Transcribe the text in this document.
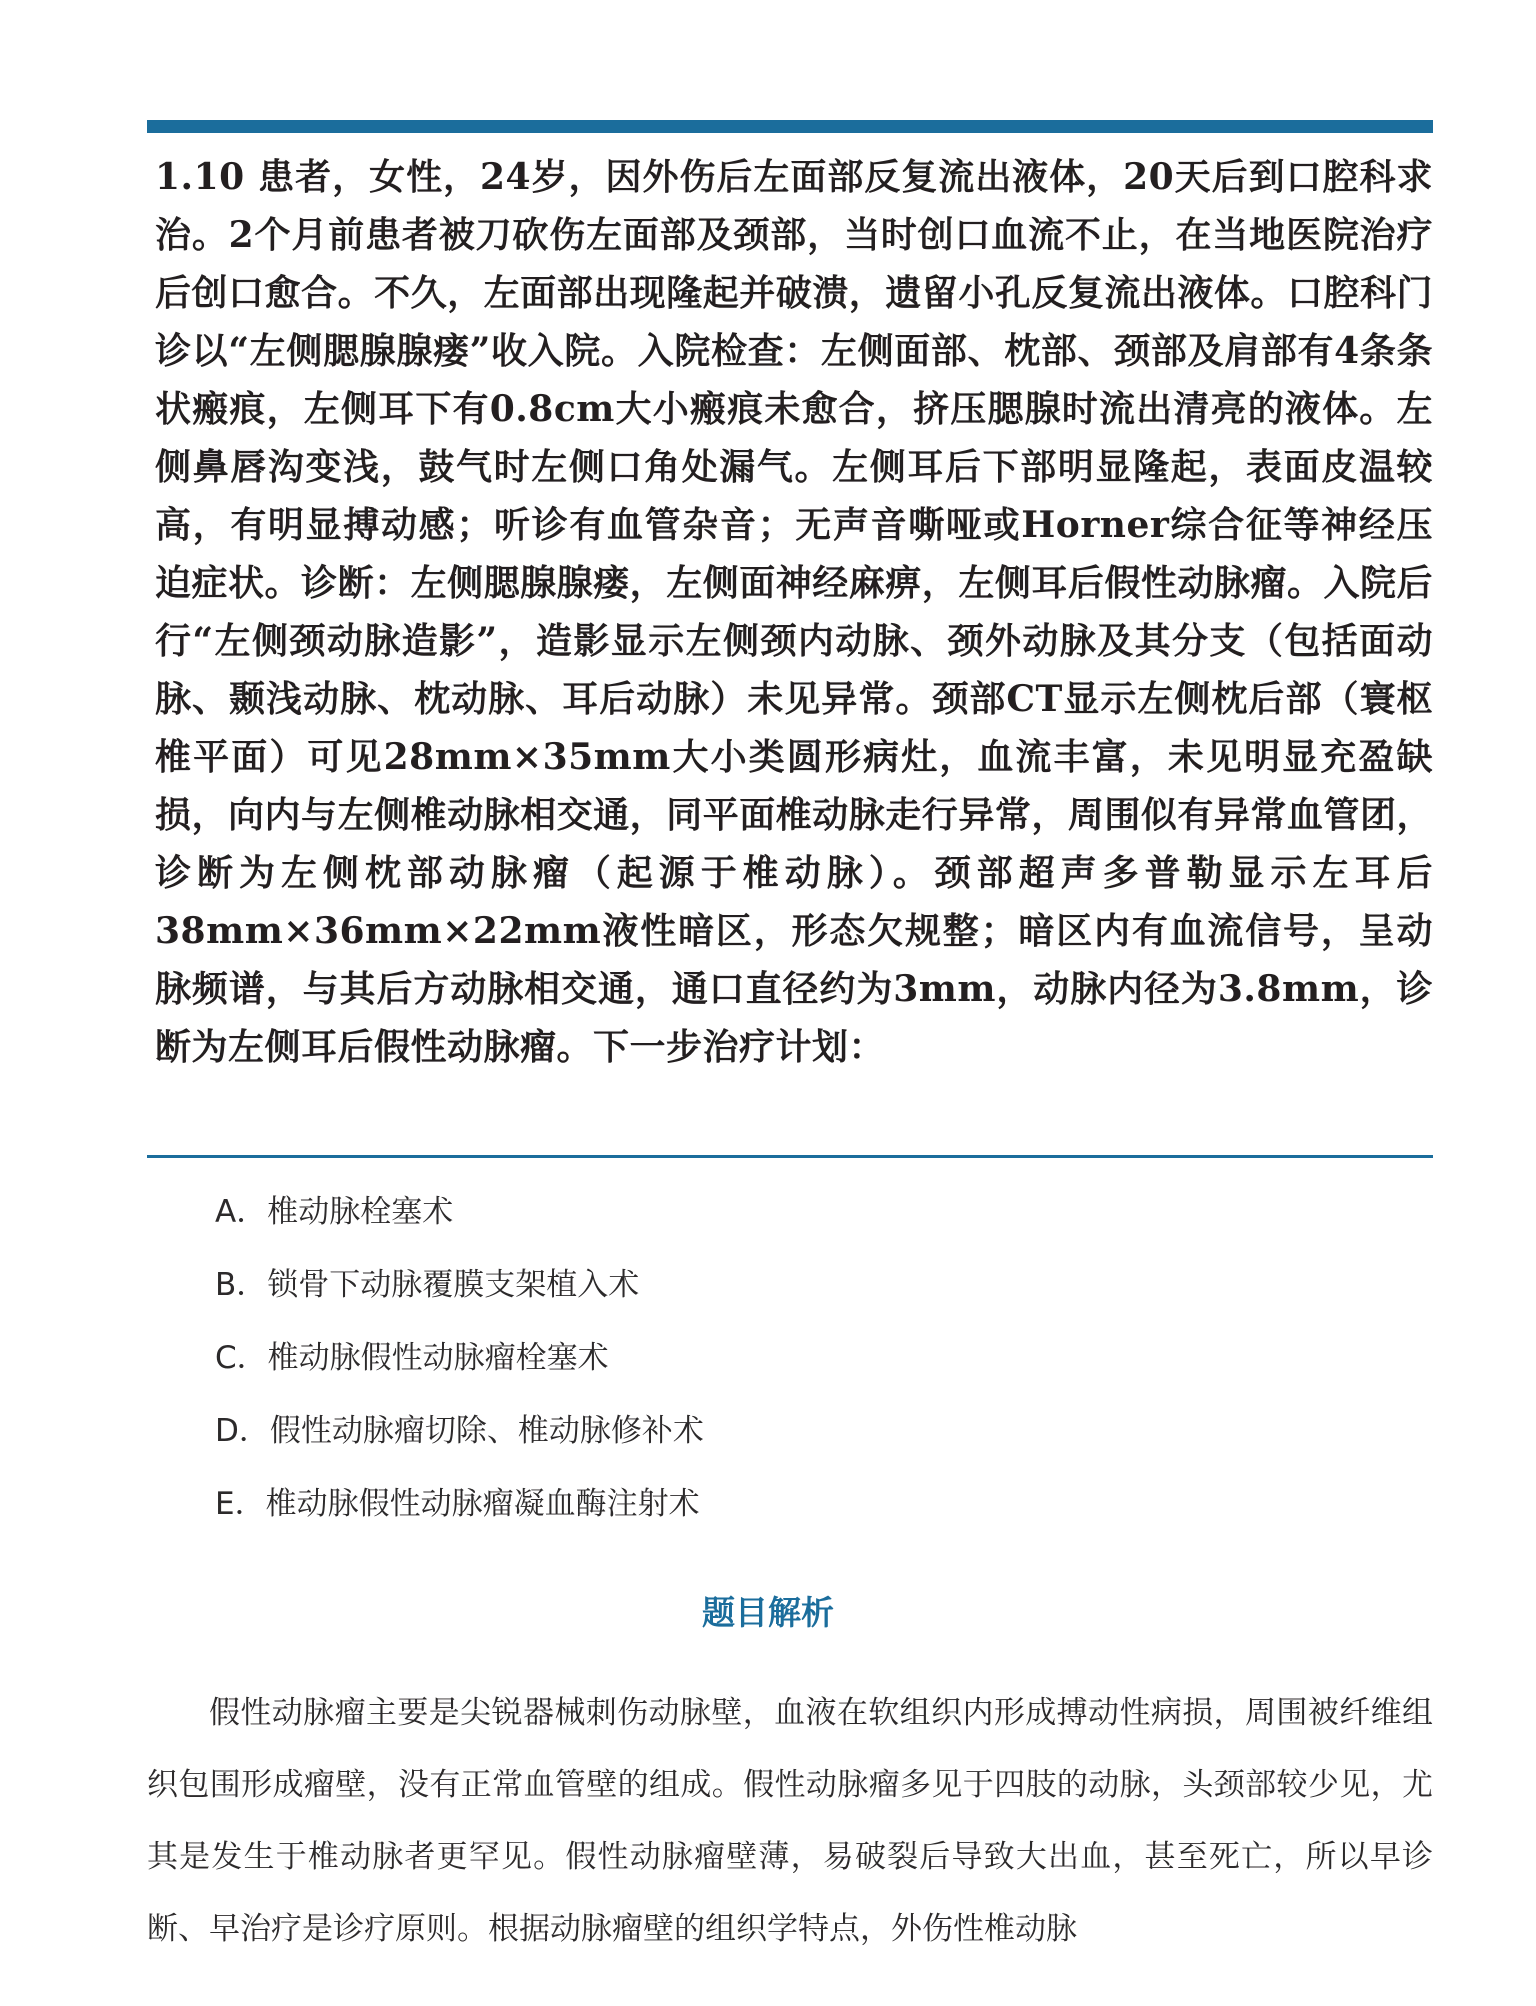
1.10 患者，女性，24岁，因外伤后左面部反复流出液体，20天后到口腔科求治。2个月前患者被刀砍伤左面部及颈部，当时创口血流不止，在当地医院治疗后创口愈合。不久，左面部出现隆起并破溃，遗留小孔反复流出液体。口腔科门诊以“左侧腮腺腺瘘”收入院。入院检查：左侧面部、枕部、颈部及肩部有4条条状瘢痕，左侧耳下有0.8cm大小瘢痕未愈合，挤压腮腺时流出清亮的液体。左侧鼻唇沟变浅，鼓气时左侧口角处漏气。左侧耳后下部明显隆起，表面皮温较高，有明显搏动感；听诊有血管杂音；无声音嘶哑或Horner综合征等神经压迫症状。诊断：左侧腮腺腺瘘，左侧面神经麻痹，左侧耳后假性动脉瘤。入院后行“左侧颈动脉造影”，造影显示左侧颈内动脉、颈外动脉及其分支（包括面动脉、颞浅动脉、枕动脉、耳后动脉）未见异常。颈部CT显示左侧枕后部（寰枢椎平面）可见28mm×35mm大小类圆形病灶，血流丰富，未见明显充盈缺损，向内与左侧椎动脉相交通，同平面椎动脉走行异常，周围似有异常血管团，诊断为左侧枕部动脉瘤（起源于椎动脉）。颈部超声多普勒显示左耳后38mm×36mm×22mm液性暗区，形态欠规整；暗区内有血流信号，呈动脉频谱，与其后方动脉相交通，通口直径约为3mm，动脉内径为3.8mm，诊断为左侧耳后假性动脉瘤。下一步治疗计划：
A．椎动脉栓塞术
B．锁骨下动脉覆膜支架植入术
C．椎动脉假性动脉瘤栓塞术
D．假性动脉瘤切除、椎动脉修补术
E．椎动脉假性动脉瘤凝血酶注射术
题目解析

假性动脉瘤主要是尖锐器械刺伤动脉壁，血液在软组织内形成搏动性病损，周围被纤维组织包围形成瘤壁，没有正常血管壁的组成。假性动脉瘤多见于四肢的动脉，头颈部较少见，尤其是发生于椎动脉者更罕见。假性动脉瘤壁薄，易破裂后导致大出血，甚至死亡，所以早诊断、早治疗是诊疗原则。根据动脉瘤壁的组织学特点，外伤性椎动脉
